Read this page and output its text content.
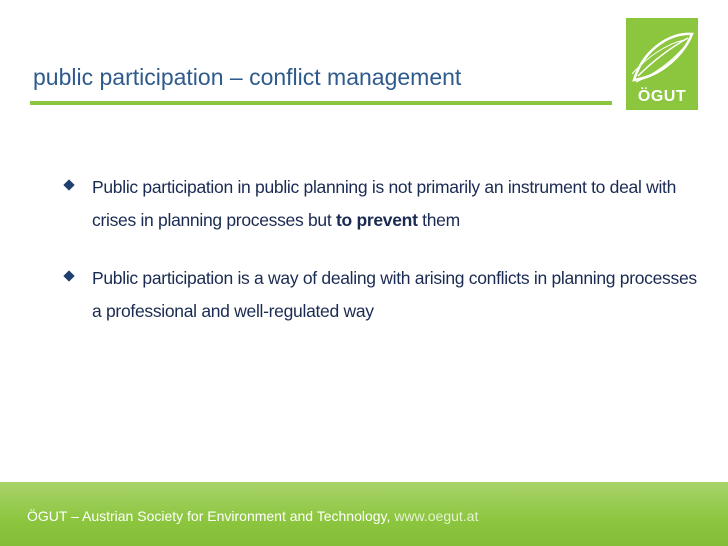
ÖGUT
public participation – conflict management
Public participation in public planning is not primarily an instrument to deal with crises in planning processes but to prevent them
Public participation is a way of dealing with arising conflicts in planning processes a professional and well-regulated way
ÖGUT – Austrian Society for Environment and Technology, www.oegut.at
